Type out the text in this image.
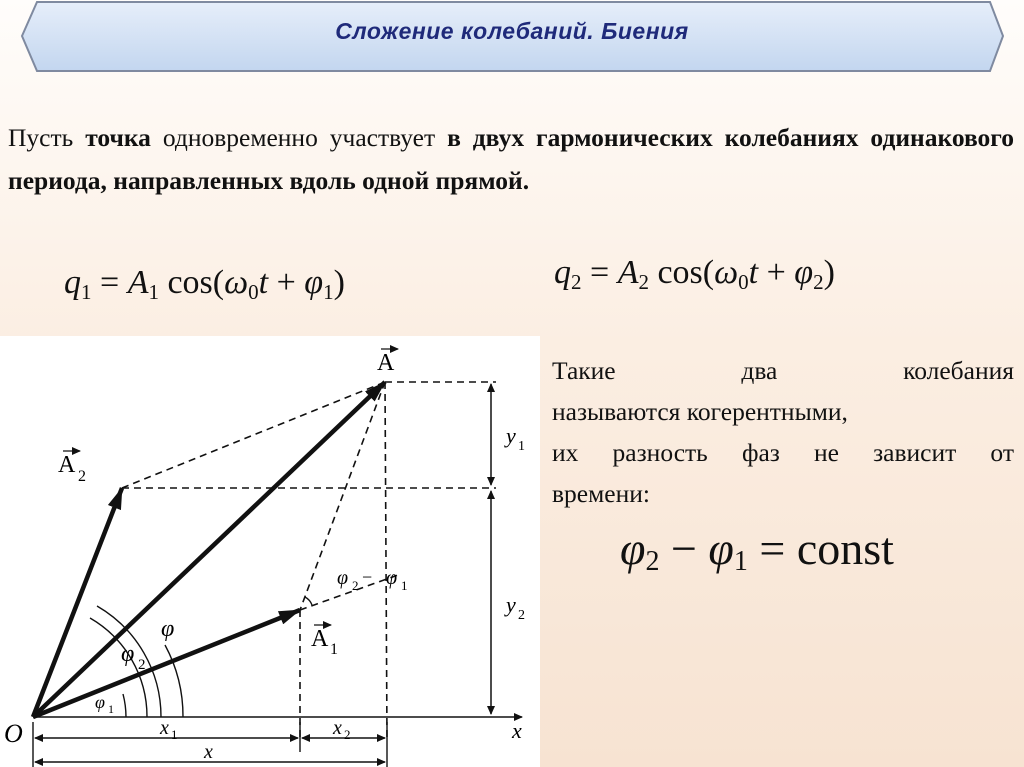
Сложение колебаний. Биения
Пусть точка одновременно участвует в двух гармонических колебаниях одинакового периода, направленных вдоль одной прямой.
$q_1 = A_1$ $\cos(\omega_0t + \varphi_1)$	$q_2 = A_2$ $\cos(\omega_0t + \varphi_2)$
Такие два колебания
называются когерентными,
их разность фаз не зависит от
времени:
$\varphi_2 - \varphi_1$ = const
O	x
A
A 2
A 1
φ
φ 2
φ 1
φ 2 − φ 1
y 1
y 2
x 1	x 2
x
